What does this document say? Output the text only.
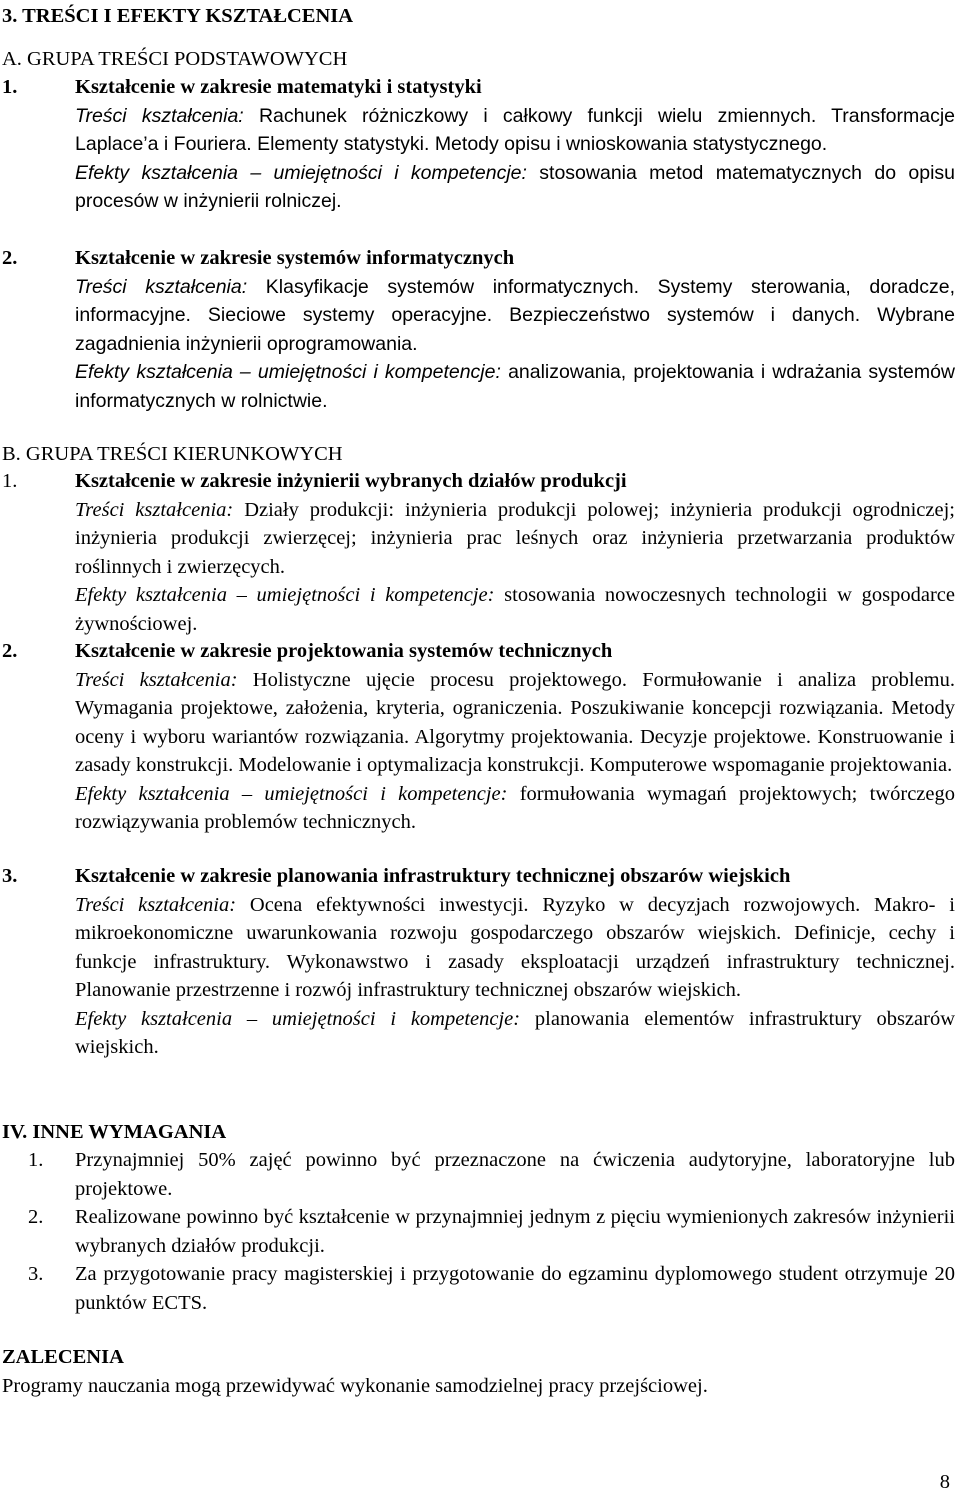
3. TREŚCI I EFEKTY KSZTAŁCENIA
A. GRUPA TREŚCI PODSTAWOWYCH
1.	Kształcenie w zakresie matematyki i statystyki
Treści kształcenia: Rachunek różniczkowy i całkowy funkcji wielu zmiennych. Transformacje Laplace’a i Fouriera. Elementy statystyki. Metody opisu i wnioskowania statystycznego.
Efekty kształcenia – umiejętności i kompetencje: stosowania metod matematycznych do opisu procesów w inżynierii rolniczej.
2.	Kształcenie w zakresie systemów informatycznych
Treści kształcenia: Klasyfikacje systemów informatycznych. Systemy sterowania, doradcze, informacyjne. Sieciowe systemy operacyjne. Bezpieczeństwo systemów i danych. Wybrane zagadnienia inżynierii oprogramowania.
Efekty kształcenia – umiejętności i kompetencje: analizowania, projektowania i wdrażania systemów informatycznych w rolnictwie.
B. GRUPA TREŚCI KIERUNKOWYCH
1.	Kształcenie w zakresie inżynierii wybranych działów produkcji
Treści kształcenia: Działy produkcji: inżynieria produkcji polowej; inżynieria produkcji ogrodniczej; inżynieria produkcji zwierzęcej; inżynieria prac leśnych oraz inżynieria przetwarzania produktów roślinnych i zwierzęcych.
Efekty kształcenia – umiejętności i kompetencje: stosowania nowoczesnych technologii w gospodarce żywnościowej.
2.	Kształcenie w zakresie projektowania systemów technicznych
Treści kształcenia: Holistyczne ujęcie procesu projektowego. Formułowanie i analiza problemu. Wymagania projektowe, założenia, kryteria, ograniczenia. Poszukiwanie koncepcji rozwiązania. Metody oceny i wyboru wariantów rozwiązania. Algorytmy projektowania. Decyzje projektowe. Konstruowanie i zasady konstrukcji. Modelowanie i optymalizacja konstrukcji. Komputerowe wspomaganie projektowania.
Efekty kształcenia – umiejętności i kompetencje: formułowania wymagań projektowych; twórczego rozwiązywania problemów technicznych.
3.	Kształcenie w zakresie planowania infrastruktury technicznej obszarów wiejskich
Treści kształcenia: Ocena efektywności inwestycji. Ryzyko w decyzjach rozwojowych. Makro- i mikroekonomiczne uwarunkowania rozwoju gospodarczego obszarów wiejskich. Definicje, cechy i funkcje infrastruktury. Wykonawstwo i zasady eksploatacji urządzeń infrastruktury technicznej. Planowanie przestrzenne i rozwój infrastruktury technicznej obszarów wiejskich.
Efekty kształcenia – umiejętności i kompetencje: planowania elementów infrastruktury obszarów wiejskich.
IV. INNE WYMAGANIA
1.	Przynajmniej 50% zajęć powinno być przeznaczone na ćwiczenia audytoryjne, laboratoryjne lub projektowe.
2.	Realizowane powinno być kształcenie w przynajmniej jednym z pięciu wymienionych zakresów inżynierii wybranych działów produkcji.
3.	Za przygotowanie pracy magisterskiej i przygotowanie do egzaminu dyplomowego student otrzymuje 20 punktów ECTS.
ZALECENIA
Programy nauczania mogą przewidywać wykonanie samodzielnej pracy przejściowej.
8
